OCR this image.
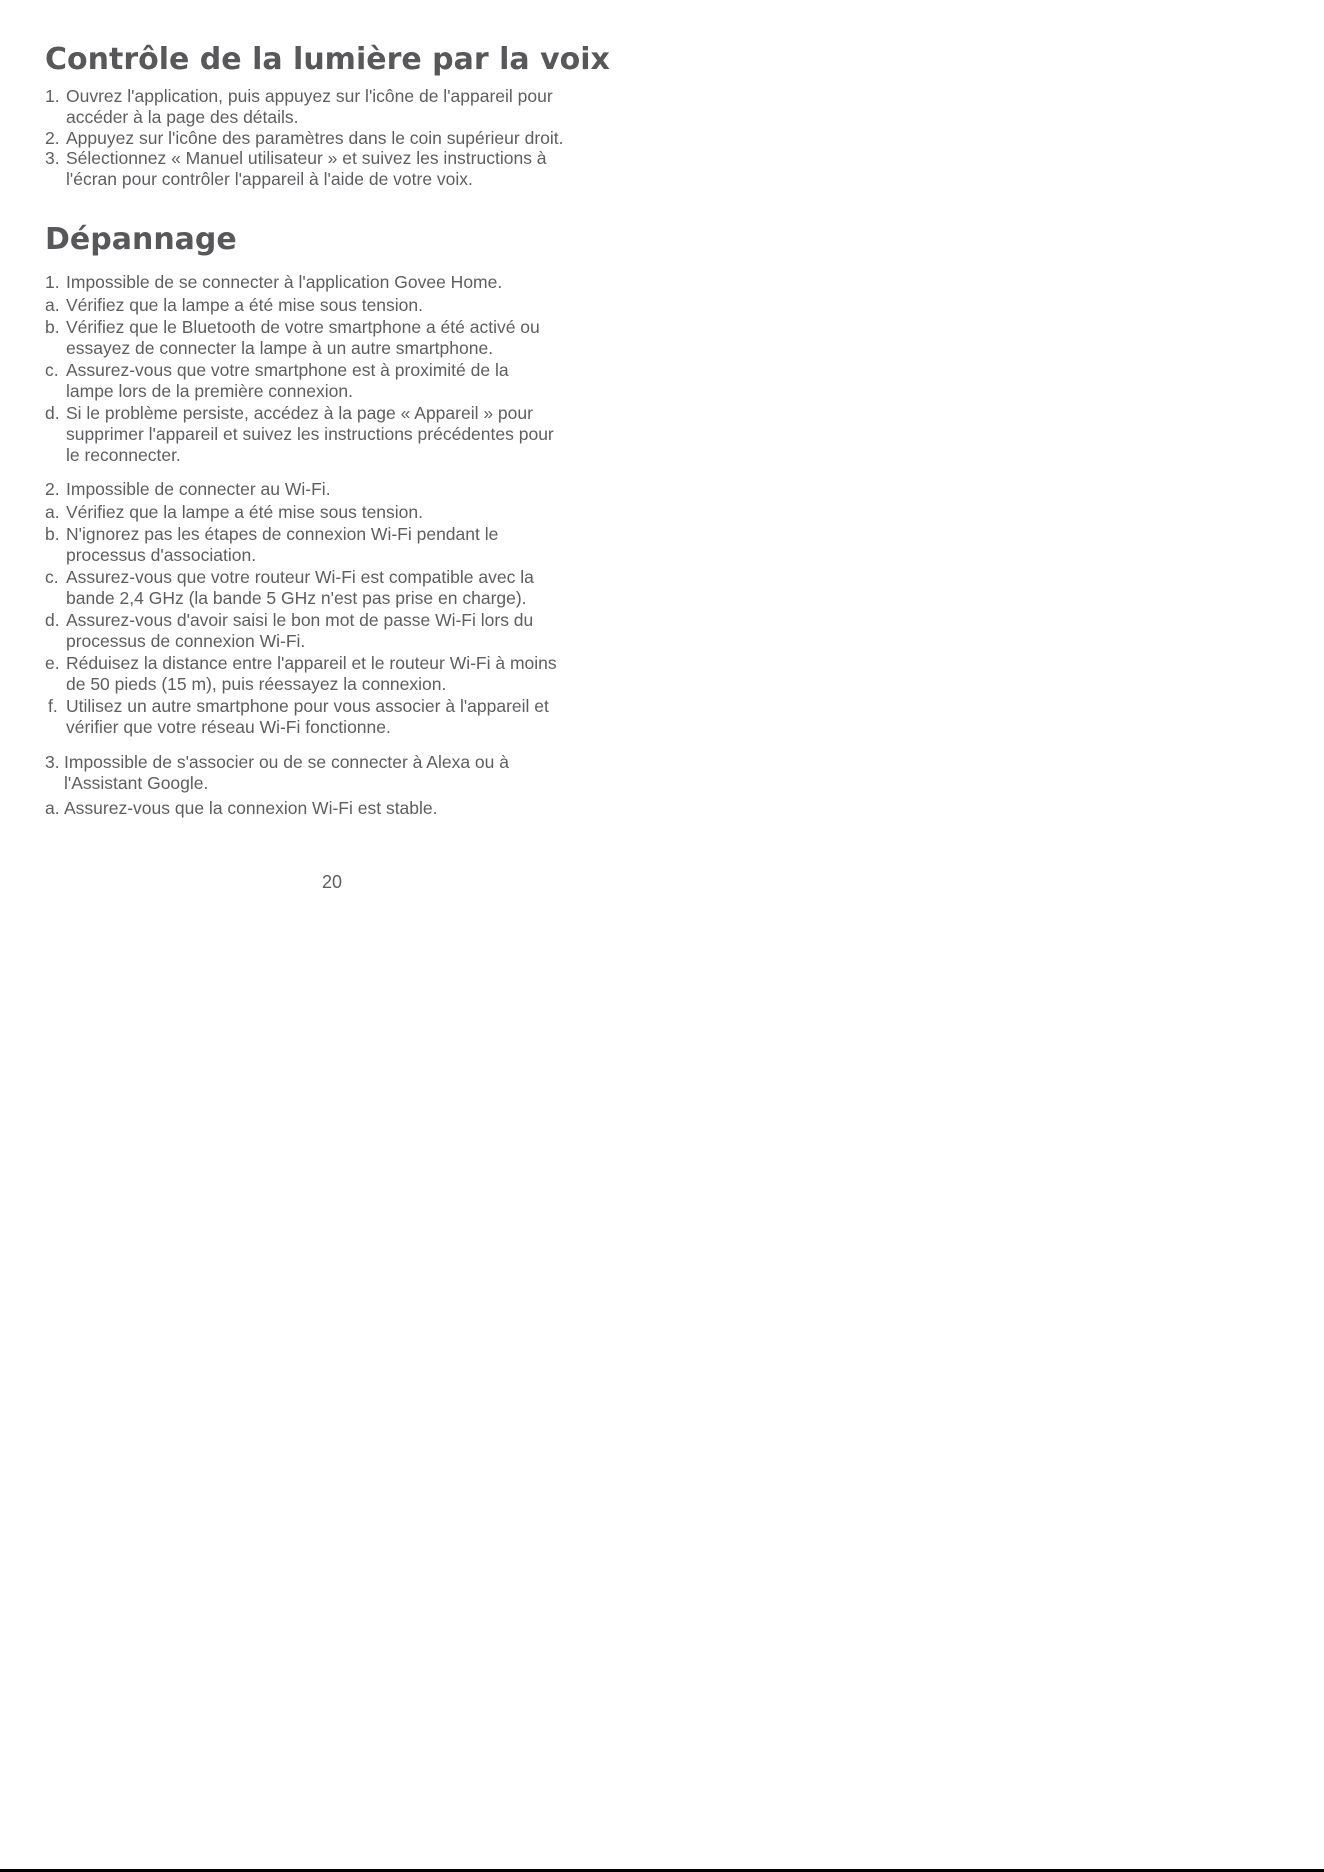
Contrôle de la lumière par la voix
1. Ouvrez l'application, puis appuyez sur l'icône de l'appareil pour
accéder à la page des détails.
2. Appuyez sur l'icône des paramètres dans le coin supérieur droit.
3. Sélectionnez « Manuel utilisateur » et suivez les instructions à
l'écran pour contrôler l'appareil à l'aide de votre voix.
Dépannage
1. Impossible de se connecter à l'application Govee Home.
a. Vérifiez que la lampe a été mise sous tension.
b. Vérifiez que le Bluetooth de votre smartphone a été activé ou
essayez de connecter la lampe à un autre smartphone.
c. Assurez-vous que votre smartphone est à proximité de la
lampe lors de la première connexion.
d. Si le problème persiste, accédez à la page « Appareil » pour
supprimer l'appareil et suivez les instructions précédentes pour
le reconnecter.
2. Impossible de connecter au Wi-Fi.
a. Vérifiez que la lampe a été mise sous tension.
b. N'ignorez pas les étapes de connexion Wi-Fi pendant le
processus d'association.
c. Assurez-vous que votre routeur Wi-Fi est compatible avec la
bande 2,4 GHz (la bande 5 GHz n'est pas prise en charge).
d. Assurez-vous d'avoir saisi le bon mot de passe Wi-Fi lors du
processus de connexion Wi-Fi.
e. Réduisez la distance entre l'appareil et le routeur Wi-Fi à moins
de 50 pieds (15 m), puis réessayez la connexion.
f. Utilisez un autre smartphone pour vous associer à l'appareil et
vérifier que votre réseau Wi-Fi fonctionne.
3. Impossible de s'associer ou de se connecter à Alexa ou à
l'Assistant Google.
a. Assurez-vous que la connexion Wi-Fi est stable.
20
